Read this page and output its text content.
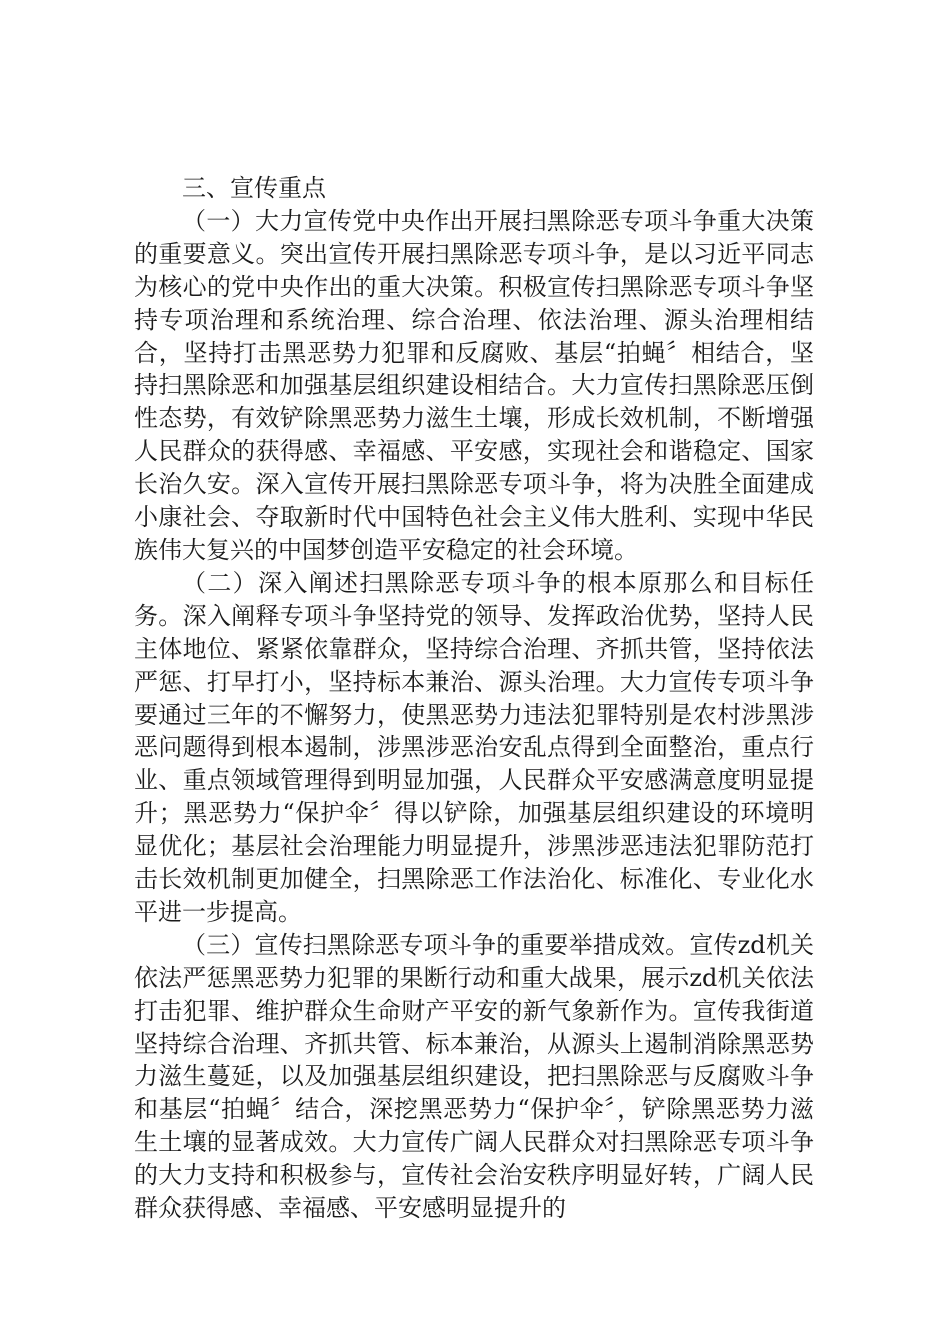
三、宣传重点

（一）大力宣传党中央作出开展扫黑除恶专项斗争重大决策的重要意义。突出宣传开展扫黑除恶专项斗争，是以习近平同志为核心的党中央作出的重大决策。积极宣传扫黑除恶专项斗争坚持专项治理和系统治理、综合治理、依法治理、源头治理相结合，坚持打击黑恶势力犯罪和反腐败、基层“拍蝇〞相结合，坚持扫黑除恶和加强基层组织建设相结合。大力宣传扫黑除恶压倒性态势，有效铲除黑恶势力滋生土壤，形成长效机制，不断增强人民群众的获得感、幸福感、平安感，实现社会和谐稳定、国家长治久安。深入宣传开展扫黑除恶专项斗争，将为决胜全面建成小康社会、夺取新时代中国特色社会主义伟大胜利、实现中华民族伟大复兴的中国梦创造平安稳定的社会环境。

（二）深入阐述扫黑除恶专项斗争的根本原那么和目标任务。深入阐释专项斗争坚持党的领导、发挥政治优势，坚持人民主体地位、紧紧依靠群众，坚持综合治理、齐抓共管，坚持依法严惩、打早打小，坚持标本兼治、源头治理。大力宣传专项斗争要通过三年的不懈努力，使黑恶势力违法犯罪特别是农村涉黑涉恶问题得到根本遏制，涉黑涉恶治安乱点得到全面整治，重点行业、重点领域管理得到明显加强，人民群众平安感满意度明显提升；黑恶势力“保护伞〞得以铲除，加强基层组织建设的环境明显优化；基层社会治理能力明显提升，涉黑涉恶违法犯罪防范打击长效机制更加健全，扫黑除恶工作法治化、标准化、专业化水平进一步提高。

（三）宣传扫黑除恶专项斗争的重要举措成效。宣传zd机关依法严惩黑恶势力犯罪的果断行动和重大战果，展示zd机关依法打击犯罪、维护群众生命财产平安的新气象新作为。宣传我街道坚持综合治理、齐抓共管、标本兼治，从源头上遏制消除黑恶势力滋生蔓延，以及加强基层组织建设，把扫黑除恶与反腐败斗争和基层“拍蝇〞结合，深挖黑恶势力“保护伞〞，铲除黑恶势力滋生土壤的显著成效。大力宣传广阔人民群众对扫黑除恶专项斗争的大力支持和积极参与，宣传社会治安秩序明显好转，广阔人民群众获得感、幸福感、平安感明显提升的
